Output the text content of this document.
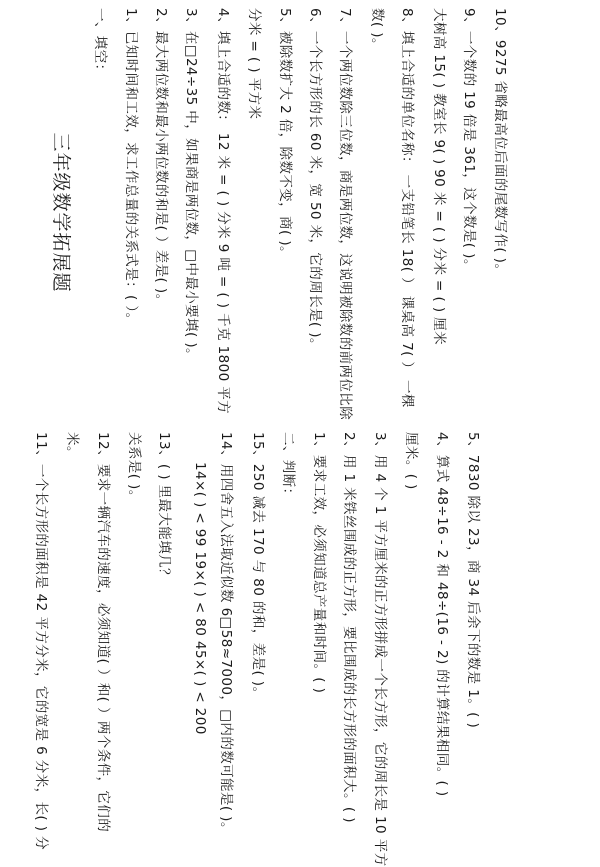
三年级数学拓展题
一、填空： 1、已知时间和工效，求工作总量的关系式是：( ）。 2、最大两位数和最小两位数的和是( ）差是( )。 3、在□24÷35 中，如果商是两位数，□中最小要填( )。 4、填上合适的数： 12 米 = ( ) 分米 9 吨 = ( ) 千克 1800 平方 分米 = ( ) 平方米 5、被除数扩大 2 倍，除数不变，商( )。 6、一个长方形的长 60 米，宽 50 米，它的周长是( )。 7、一个两位数除三位数，商是两位数，这说明被除数的前两位比除 数( )。 8、填上合适的单位名称： 一支铅笔长 18( ） 课桌高 7( ） 一棵 大树高 15( ) 教室长 9( ) 90 米 = ( ) 分米 = ( ) 厘米 9、一个数的 19 倍是 361，这个数是( )。 10、9275 省略最高位后面的尾数写作( )。
11、一个长方形的面积是 42 平方分米，它的宽是 6 分米，长( ) 分 米。 12、要求一辆汽车的速度，必须知道( ）和( ）两个条件，它们的 关系是( )。 13、( ) 里最大能填几？ 14×( ) < 99 19×( ) < 80 45×( ) < 200 14、用四舍五入法取近似数 6□58≈7000，□内的数可能是( )。 15、250 减去 170 与 80 的和，差是( )。 二、判断： 1、要求工效，必须知道总产量和时间。( ) 2、用 1 米铁丝围成的正方形，要比围成的长方形的面积大。( ) 3、用 4 个 1 平方厘米的正方形拼成一个长方形，它的周长是 10 平方 厘米。( ) 4、算式 48÷16 - 2 和 48÷(16 - 2) 的计算结果相同。( ) 5、7830 除以 23，商 34 后余下的数是 1。( )
